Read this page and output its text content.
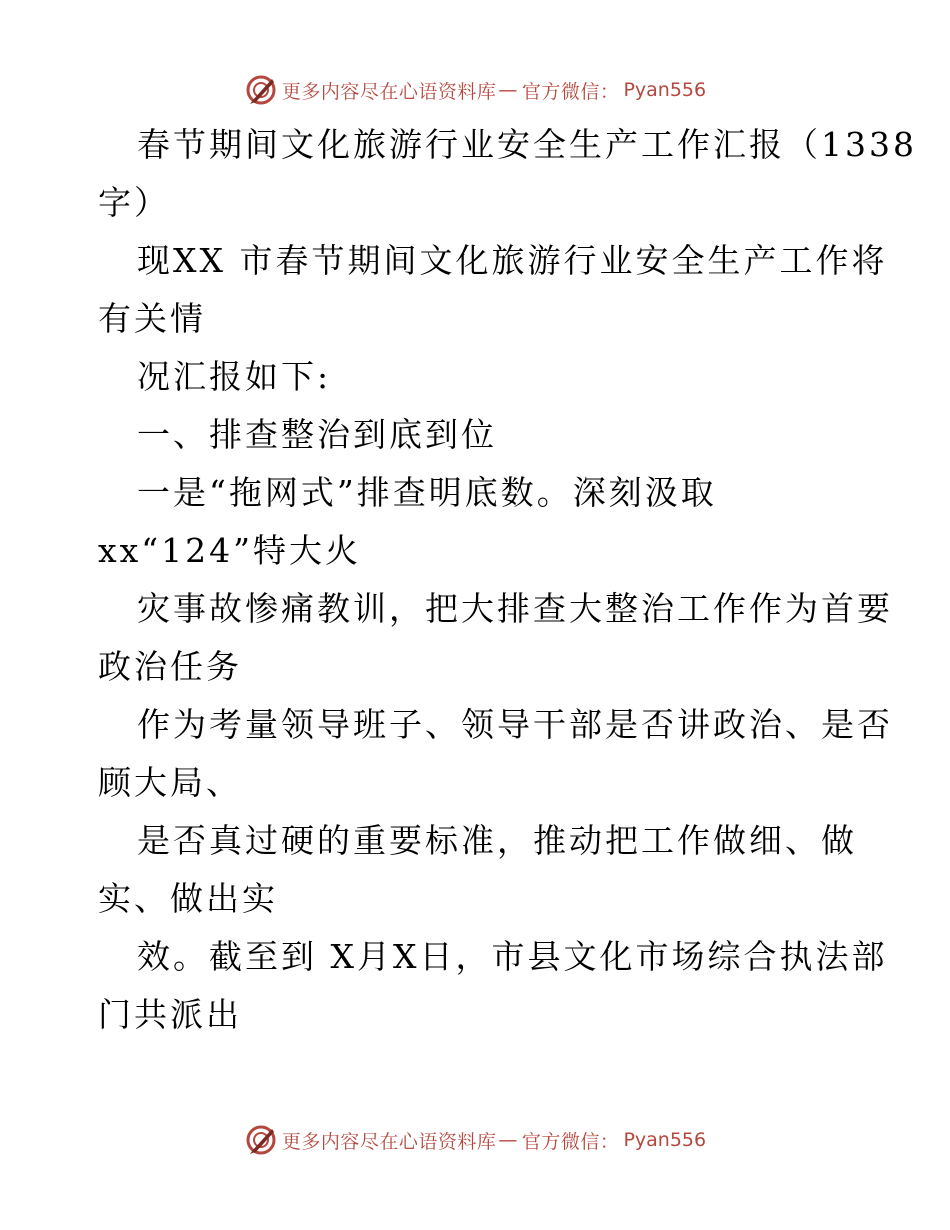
更多内容尽在心语资料库 — 官方微信： Pyan556
春节期间文化旅游行业安全生产工作汇报（1338
字）
现XX 市春节期间文化旅游行业安全生产工作将
有关情
况汇报如下:
一、排查整治到底到位
一是“拖网式”排查明底数。深刻汲取
xx“124”特大火
灾事故惨痛教训，把大排查大整治工作作为首要
政治任务
作为考量领导班子、领导干部是否讲政治、是否
顾大局、
是否真过硬的重要标准，推动把工作做细、做
实、做出实
效。截至到 X月X日，市县文化市场综合执法部
门共派出
更多内容尽在心语资料库 — 官方微信： Pyan556
